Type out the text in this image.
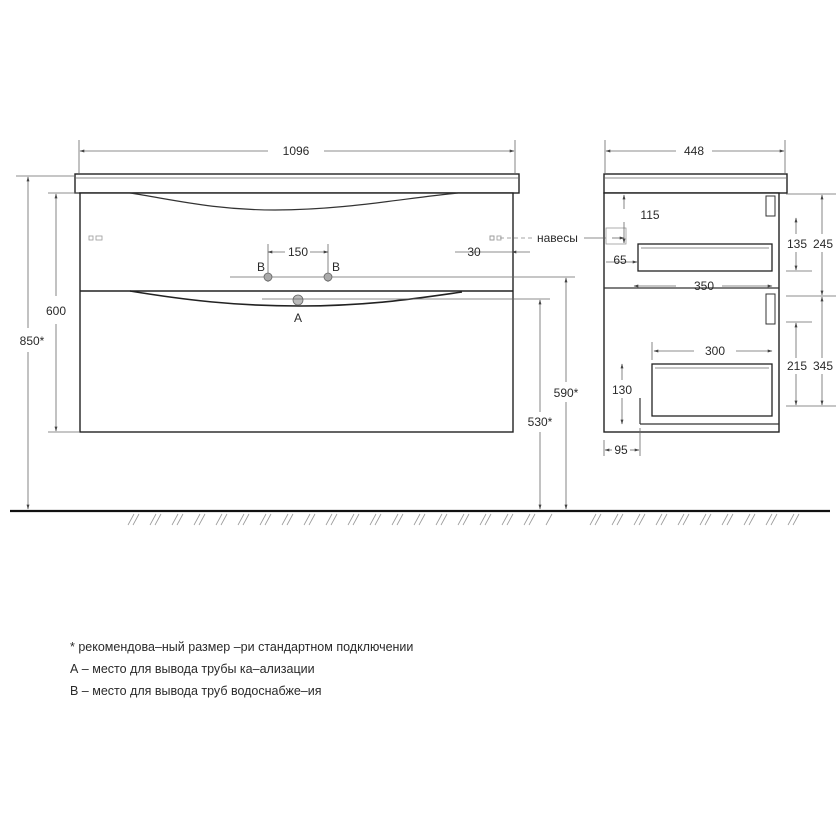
1096
150
B	B
A
30
600
850*
590*
530*
навесы
448
115
65
350
300
130
95
135 245
215 345
* рекомендова–ный размер –ри стандартном подключении
А – место для вывода трубы ка–ализации
В – место для вывода труб водоснабже–ия
